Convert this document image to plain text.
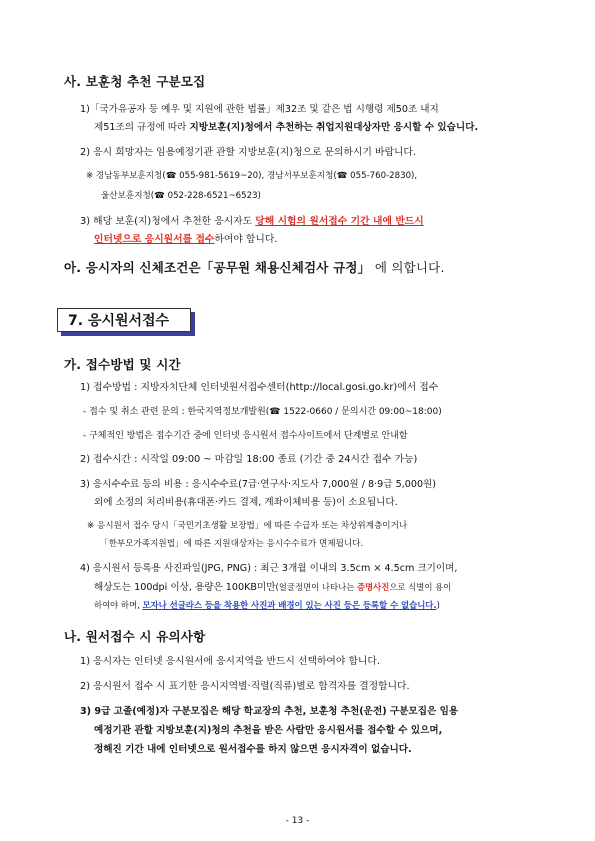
사. 보훈청 추천 구분모집
1)「국가유공자 등 예우 및 지원에 관한 법률」제32조 및 같은 법 시행령 제50조 내지
제51조의 규정에 따라 지방보훈(지)청에서 추천하는 취업지원대상자만 응시할 수 있습니다.
2) 응시 희망자는 임용예정기관 관할 지방보훈(지)청으로 문의하시기 바랍니다.
※ 경남동부보훈지청(☎ 055-981-5619~20), 경남서부보훈지청(☎ 055-760-2830),
울산보훈지청(☎ 052-228-6521~6523)
3) 해당 보훈(지)청에서 추천한 응시자도 당해 시험의 원서접수 기간 내에 반드시
인터넷으로 응시원서를 접수하여야 합니다.
아. 응시자의 신체조건은「공무원 채용신체검사 규정」 에 의합니다.
7. 응시원서접수
가. 접수방법 및 시간
1) 접수방법 : 지방자치단체 인터넷원서접수센터(http://local.gosi.go.kr)에서 접수
- 접수 및 취소 관련 문의 : 한국지역정보개발원(☎ 1522-0660 / 문의시간 09:00~18:00)
- 구체적인 방법은 접수기간 중에 인터넷 응시원서 접수사이트에서 단계별로 안내함
2) 접수시간 : 시작일 09:00 ~ 마감일 18:00 종료 (기간 중 24시간 접수 가능)
3) 응시수수료 등의 비용 : 응시수수료(7급·연구사·지도사 7,000원 / 8·9급 5,000원)
외에 소정의 처리비용(휴대폰·카드 결제, 계좌이체비용 등)이 소요됩니다.
※ 응시원서 접수 당시「국민기초생활 보장법」에 따른 수급자 또는 차상위계층이거나
「한부모가족지원법」에 따른 지원대상자는 응시수수료가 면제됩니다.
4) 응시원서 등록용 사진파일(JPG, PNG) : 최근 3개월 이내의 3.5cm × 4.5cm 크기이며,
해상도는 100dpi 이상, 용량은 100KB미만(얼굴정면이 나타나는 증명사진으로 식별이 용이
하여야 하며, 모자나 선글라스 등을 착용한 사진과 배경이 있는 사진 등은 등록할 수 없습니다.)
나. 원서접수 시 유의사항
1) 응시자는 인터넷 응시원서에 응시지역을 반드시 선택하여야 합니다.
2) 응시원서 접수 시 표기한 응시지역별·직렬(직류)별로 합격자를 결정합니다.
3) 9급 고졸(예정)자 구분모집은 해당 학교장의 추천, 보훈청 추천(운전) 구분모집은 임용
예정기관 관할 지방보훈(지)청의 추천을 받은 사람만 응시원서를 접수할 수 있으며,
정해진 기간 내에 인터넷으로 원서접수를 하지 않으면 응시자격이 없습니다.
- 13 -
